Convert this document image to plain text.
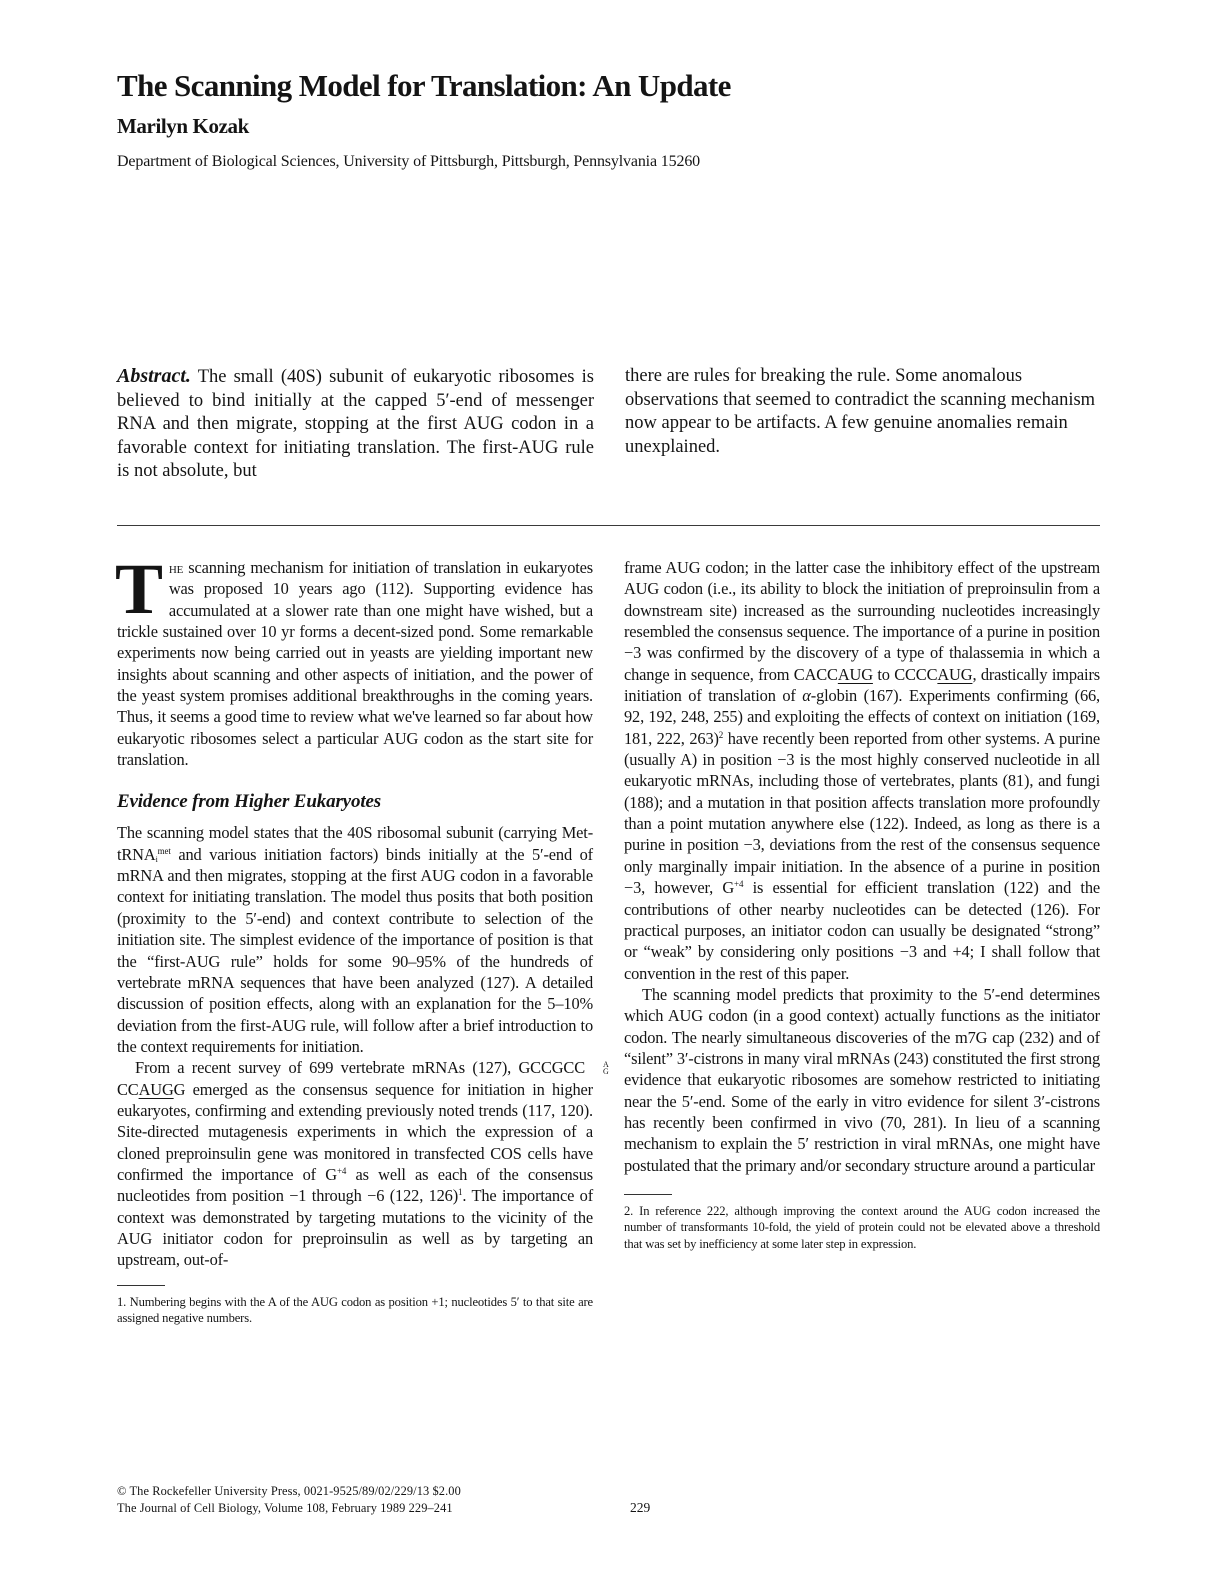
The Scanning Model for Translation: An Update
Marilyn Kozak

Department of Biological Sciences, University of Pittsburgh, Pittsburgh, Pennsylvania 15260

Abstract. The small (40S) subunit of eukaryotic ribosomes is believed to bind initially at the capped 5′-end of messenger RNA and then migrate, stopping at the first AUG codon in a favorable context for initiating translation. The first-AUG rule is not absolute, but
there are rules for breaking the rule. Some anomalous observations that seemed to contradict the scanning mechanism now appear to be artifacts. A few genuine anomalies remain unexplained.

The scanning mechanism for initiation of translation in eukaryotes was proposed 10 years ago (112). Supporting evidence has accumulated at a slower rate than one might have wished, but a trickle sustained over 10 yr forms a decent-sized pond. Some remarkable experiments now being carried out in yeasts are yielding important new insights about scanning and other aspects of initiation, and the power of the yeast system promises additional breakthroughs in the coming years. Thus, it seems a good time to review what we've learned so far about how eukaryotic ribosomes select a particular AUG codon as the start site for translation.

Evidence from Higher Eukaryotes

The scanning model states that the 40S ribosomal subunit (carrying Met-tRNA$_i^{met}$ and various initiation factors) binds initially at the 5′-end of mRNA and then migrates, stopping at the first AUG codon in a favorable context for initiating translation. The model thus posits that both position (proximity to the 5′-end) and context contribute to selection of the initiation site. The simplest evidence of the importance of position is that the “first-AUG rule” holds for some 90–95% of the hundreds of vertebrate mRNA sequences that have been analyzed (127). A detailed discussion of position effects, along with an explanation for the 5–10% deviation from the first-AUG rule, will follow after a brief introduction to the context requirements for initiation.

From a recent survey of 699 vertebrate mRNAs (127), GCCGCC	A
G
CCAUGG emerged as the consensus sequence for initiation in higher eukaryotes, confirming and extending previously noted trends (117, 120). Site-directed mutagenesis experiments in which the expression of a cloned preproinsulin gene was monitored in transfected COS cells have confirmed the importance of $G^{+4}$ as well as each of the consensus nucleotides from position −1 through −6 (122, 126)$^1$. The importance of context was demonstrated by targeting mutations to the vicinity of the AUG initiator codon for preproinsulin as well as by targeting an upstream, out-of-

1. Numbering begins with the A of the AUG codon as position +1; nucleotides 5′ to that site are assigned negative numbers.

frame AUG codon; in the latter case the inhibitory effect of the upstream AUG codon (i.e., its ability to block the initiation of preproinsulin from a downstream site) increased as the surrounding nucleotides increasingly resembled the consensus sequence. The importance of a purine in position −3 was confirmed by the discovery of a type of thalassemia in which a change in sequence, from CACCAUG to CCCCAUG, drastically impairs initiation of translation of α-globin (167). Experiments confirming (66, 92, 192, 248, 255) and exploiting the effects of context on initiation (169, 181, 222, 263)$^2$ have recently been reported from other systems. A purine (usually A) in position −3 is the most highly conserved nucleotide in all eukaryotic mRNAs, including those of vertebrates, plants (81), and fungi (188); and a mutation in that position affects translation more profoundly than a point mutation anywhere else (122). Indeed, as long as there is a purine in position −3, deviations from the rest of the consensus sequence only marginally impair initiation. In the absence of a purine in position −3, however, $G^{+4}$ is essential for efficient translation (122) and the contributions of other nearby nucleotides can be detected (126). For practical purposes, an initiator codon can usually be designated “strong” or “weak” by considering only positions −3 and +4; I shall follow that convention in the rest of this paper.

The scanning model predicts that proximity to the 5′-end determines which AUG codon (in a good context) actually functions as the initiator codon. The nearly simultaneous discoveries of the m7G cap (232) and of “silent” 3′-cistrons in many viral mRNAs (243) constituted the first strong evidence that eukaryotic ribosomes are somehow restricted to initiating near the 5′-end. Some of the early in vitro evidence for silent 3′-cistrons has recently been confirmed in vivo (70, 281). In lieu of a scanning mechanism to explain the 5′ restriction in viral mRNAs, one might have postulated that the primary and/or secondary structure around a particular

2. In reference 222, although improving the context around the AUG codon increased the number of transformants 10-fold, the yield of protein could not be elevated above a threshold that was set by inefficiency at some later step in expression.

© The Rockefeller University Press, 0021-9525/89/02/229/13 $2.00
The Journal of Cell Biology, Volume 108, February 1989 229–241	229
